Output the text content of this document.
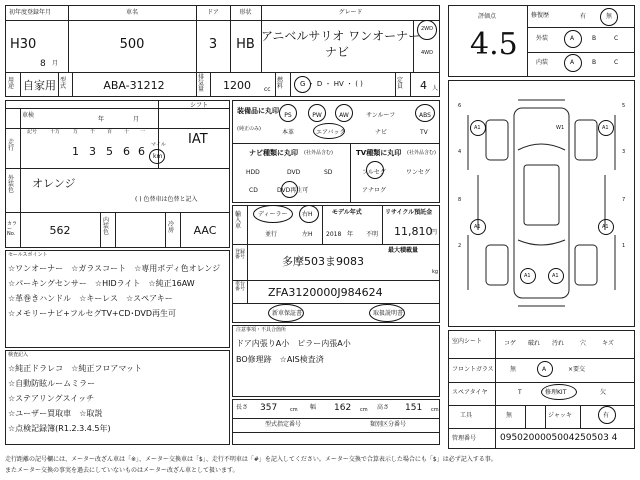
初年度登録年月	車名	ドア	形状	グレード
H30
8 月
500	3	HB
アニベルサリオ ワンオーナー
ナビ
2WD
4WD
用途 自家用 型式	ABA-31212
排気量	1200	cc
燃料	G ・ D ・ HV ・ ( )	定員	4 人
車検
年	月
シフト
走行
記号	十万	万 千 百 十 一
1 3 5 6 6 マイル
km
IAT
外装色
オレンジ
( ) 色替車は色替と記入
カラーNo.	562
内装色
冷房	AAC
装備品に丸印
(純正のみ)
PS	PW	AW	サンルーフ	ABS
本革	エアバック	ナビ	TV
ナビ種類に丸印 (社外品含む)
HDD	DVD	SD
CD	DVD再生可
TV種類に丸印 (社外品含む)
フルセグ	ワンセグ
アナログ
輸入車
ディーラー
並行
右H
左H
モデル年式
2018 年 不明
リサイクル預託金
11,810
円
最大積載量
kg
登録番号	多摩503ま9083
車台番号 ZFA3120000J984624
新車保証書	取扱説明書
セールスポイント
☆ワンオーナー　☆ガラスコート　☆専用ボディ色オレンジ
☆パーキングセンサー　☆HIDライト　☆純正16AW
☆革巻きハンドル　☆キーレス　☆スペアキー
☆メモリーナビ+フルセグTV+CD･DVD再生可
注意事項・不具合箇所
ドア内張りA小　ピラー内張A小
BO修理跡　☆AIS検査済
検査記入
☆純正ドラレコ　☆純正フロアマット
☆自動防眩ルームミラー
☆ステアリングスイッチ
☆ユーザー買取車　☆取説
☆点検記録簿(R1.2.3.4.5年)
長さ 357	cm 幅 162 cm 高さ 151 cm
型式指定番号	類別区分番号
評価点
4.5
修復歴	有	無
外装	A	B	C
内装	A	B	C
A1	A1
W1
A1	A1
A1	A1
6	5
4	3
8	7
2	1
室内シート	コゲ 破れ 汚れ	穴	キズ
フロントガラス	無	A	×要交
スペアタイヤ	T	修理KIT	欠
工具	無	ジャッキ	有
管理番号	0950200005004250503 4
走行距離の記号欄には、メーター改ざん車は「※」、メーター交換車は「$」、走行不明車は「#」を記入してください。メーター交換で合算表示した場合にも「$」は必ず記入する事。
またメーター交換の事実を過去にしていないものはメーター改ざん車として扱います。
